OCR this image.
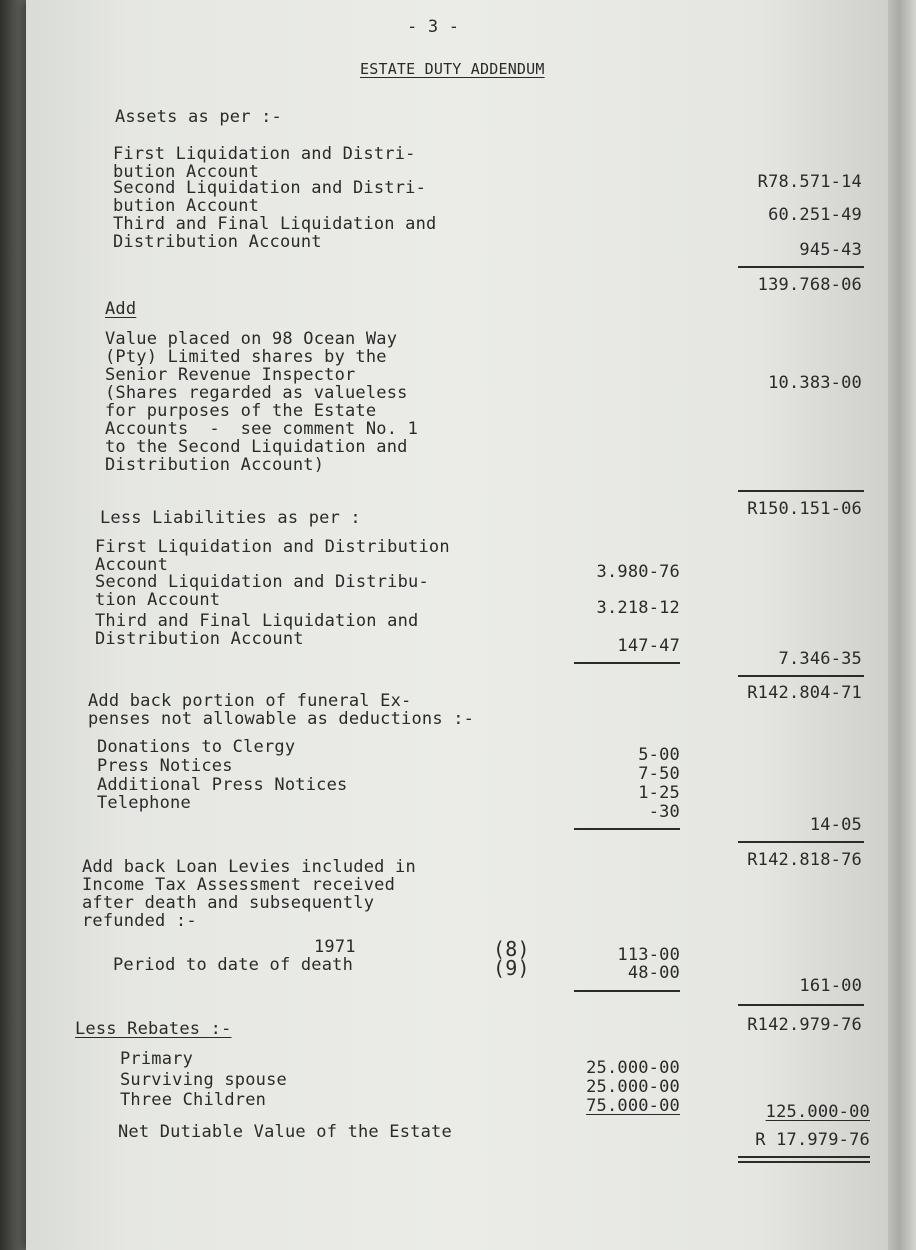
- 3 -
ESTATE DUTY ADDENDUM
Assets as per :-
First Liquidation and Distri-
bution Account
Second Liquidation and Distri-
bution Account
Third and Final Liquidation and
Distribution Account
R78.571-14
60.251-49
945-43
139.768-06
Add
Value placed on 98 Ocean Way
(Pty) Limited shares by the
Senior Revenue Inspector
(Shares regarded as valueless
for purposes of the Estate
Accounts  -  see comment No. 1
to the Second Liquidation and
Distribution Account)
10.383-00
R150.151-06
Less Liabilities as per :
First Liquidation and Distribution
Account
Second Liquidation and Distribu-
tion Account
Third and Final Liquidation and
Distribution Account
3.980-76
3.218-12
147-47
7.346-35
R142.804-71
Add back portion of funeral Ex-
penses not allowable as deductions :-
Donations to Clergy
Press Notices
Additional Press Notices
Telephone
5-00
7-50
1-25
-30
14-05
R142.818-76
Add back Loan Levies included in
Income Tax Assessment received
after death and subsequently
refunded :-
1971
Period to date of death
(8)
(9)
113-00
48-00
161-00
R142.979-76
Less Rebates :-
Primary
Surviving spouse
Three Children
25.000-00
25.000-00
75.000-00	125.000-00
Net Dutiable Value of the Estate	R 17.979-76
